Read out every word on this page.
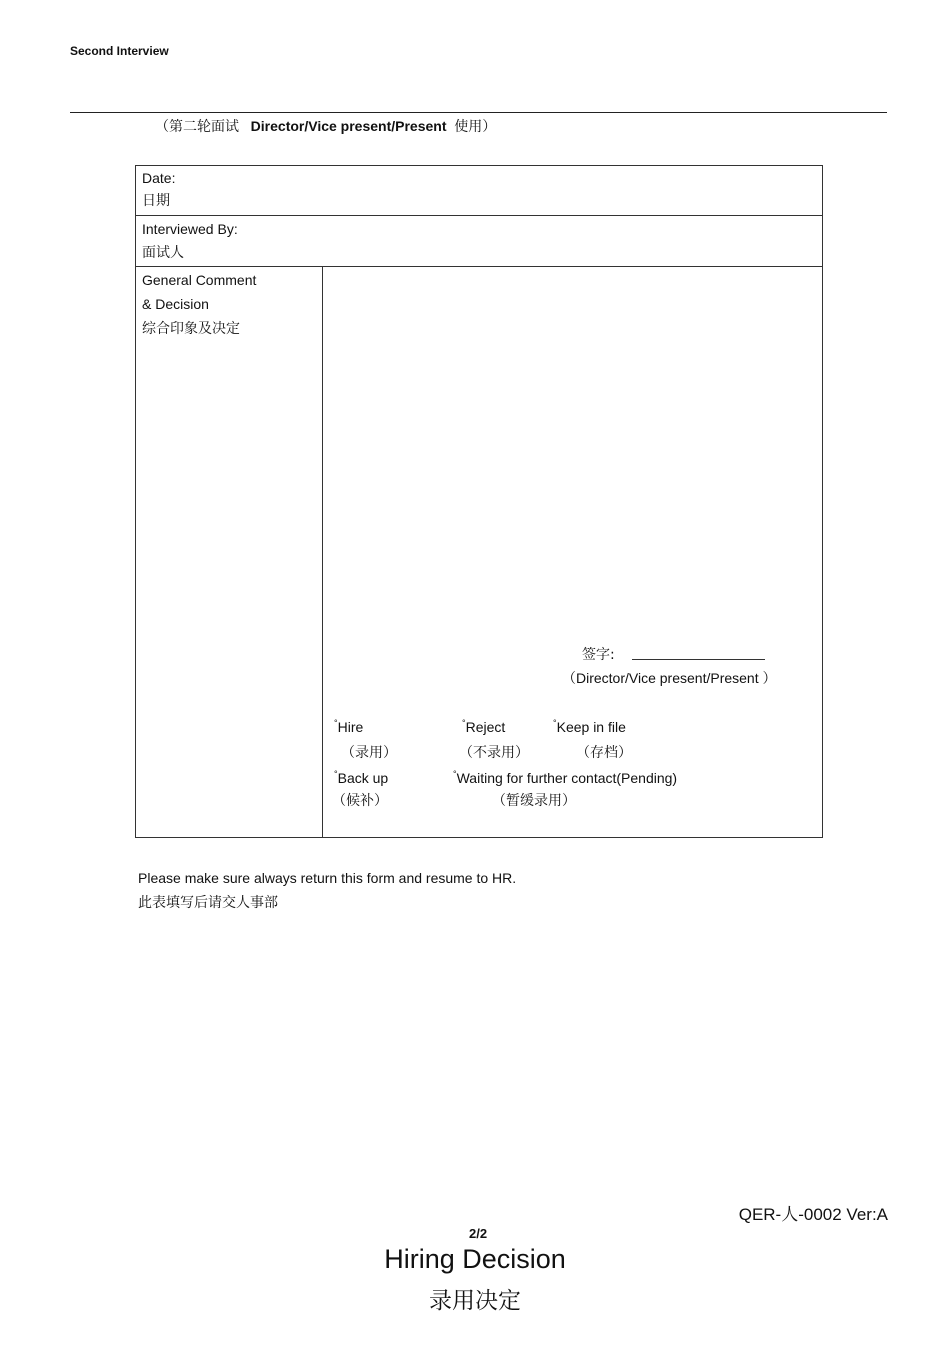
Second Interview
（第二轮面试 Director/Vice present/Present 使用）
Date:
日期
Interviewed By:
面试人
General Comment
& Decision
综合印象及决定
签字:
（Director/Vice present/Present ）
°Hire
（录用）
°Reject
（不录用）
°Keep in file
（存档）
°Back up
（候补）
°Waiting for further contact(Pending)
（暂缓录用）
Please make sure always return this form and resume to HR.
此表填写后请交人事部
QER-人-0002 Ver:A
2/2
Hiring Decision
录用决定
